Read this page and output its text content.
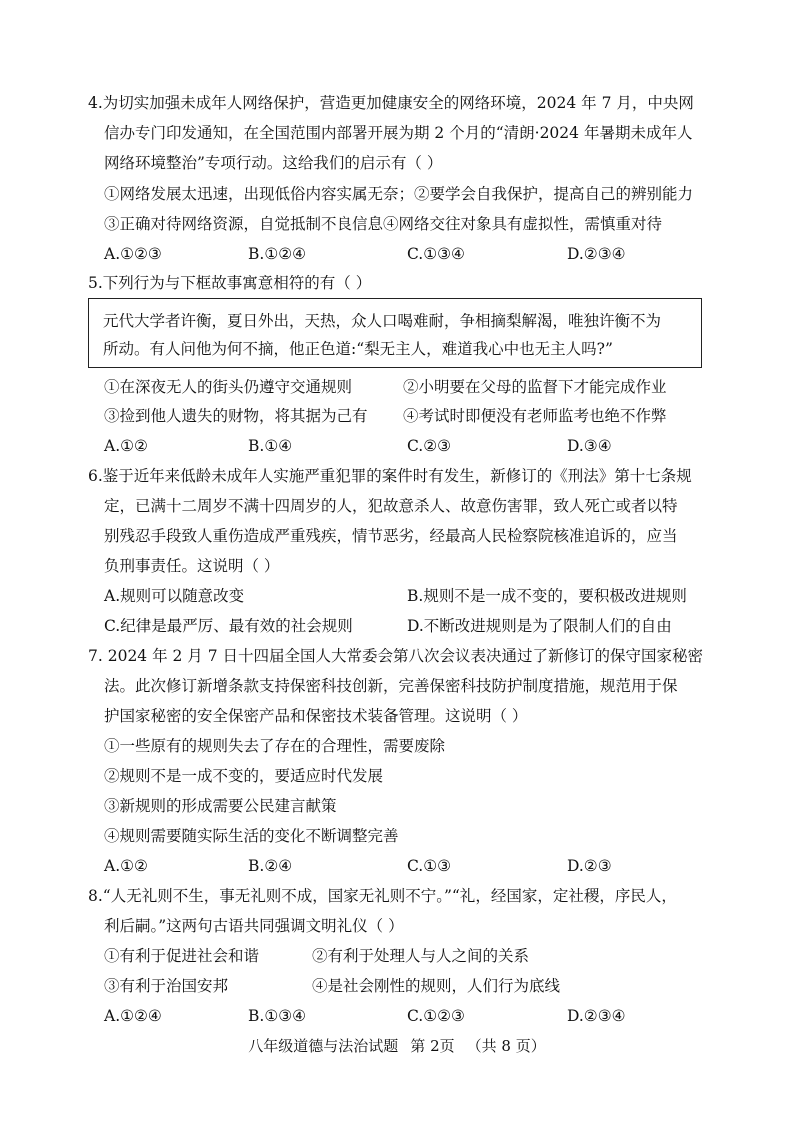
4.为切实加强未成年人网络保护，营造更加健康安全的网络环境，2024 年 7 月，中央网
信办专门印发通知，在全国范围内部署开展为期 2 个月的“清朗·2024 年暑期未成年人
网络环境整治”专项行动。这给我们的启示有（ ）
①网络发展太迅速，出现低俗内容实属无奈；②要学会自我保护，提高自己的辨别能力
③正确对待网络资源，自觉抵制不良信息④网络交往对象具有虚拟性，需慎重对待
A.①②③	B.①②④	C.①③④	D.②③④
5.下列行为与下框故事寓意相符的有（ ）
元代大学者许衡，夏日外出，天热，众人口喝难耐，争相摘梨解渴，唯独许衡不为
所动。有人问他为何不摘，他正色道:“梨无主人，难道我心中也无主人吗?”
①在深夜无人的街头仍遵守交通规则	②小明要在父母的监督下才能完成作业
③捡到他人遗失的财物，将其据为己有 ④考试时即便没有老师监考也绝不作弊
A.①②	B.①④	C.②③	D.③④
6.鉴于近年来低龄未成年人实施严重犯罪的案件时有发生，新修订的《刑法》第十七条规
定，已满十二周岁不满十四周岁的人，犯故意杀人、故意伤害罪，致人死亡或者以特
别残忍手段致人重伤造成严重残疾，情节恶劣，经最高人民检察院核准追诉的，应当
负刑事责任。这说明（ ）
A.规则可以随意改变	B.规则不是一成不变的，要积极改进规则
C.纪律是最严厉、最有效的社会规则	D.不断改进规则是为了限制人们的自由
7. 2024 年 2 月 7 日十四届全国人大常委会第八次会议表决通过了新修订的保守国家秘密
法。此次修订新增条款支持保密科技创新，完善保密科技防护制度措施，规范用于保
护国家秘密的安全保密产品和保密技术装备管理。这说明（ ）
①一些原有的规则失去了存在的合理性，需要废除
②规则不是一成不变的，要适应时代发展
③新规则的形成需要公民建言献策
④规则需要随实际生活的变化不断调整完善
A.①②	B.②④	C.①③	D.②③
8.“人无礼则不生，事无礼则不成，国家无礼则不宁。”“礼，经国家，定社稷，序民人，
利后嗣。”这两句古语共同强调文明礼仪（ ）
①有利于促进社会和谐	②有利于处理人与人之间的关系
③有利于治国安邦	④是社会刚性的规则，人们行为底线
A.①②④	B.①③④	C.①②③	D.②③④
八年级道德与法治试题 第 2页 （共 8 页）
